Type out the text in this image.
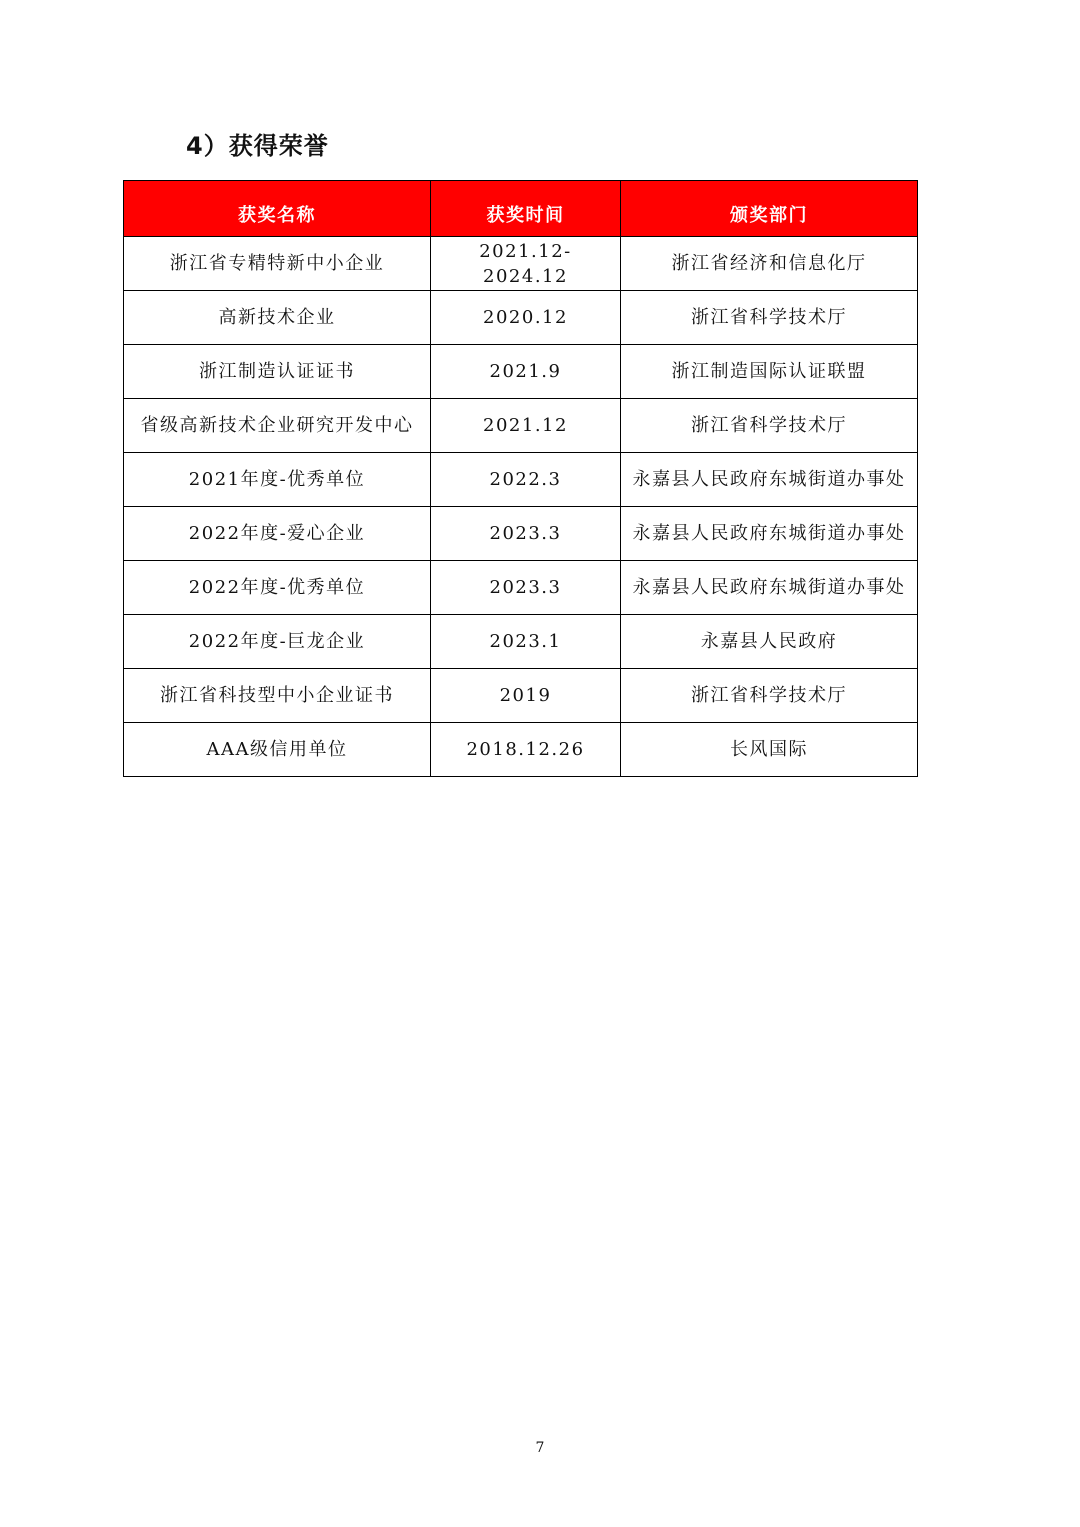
4）获得荣誉
获奖名称	获奖时间	颁奖部门
浙江省专精特新中小企业	2021.12-2024.12	浙江省经济和信息化厅
高新技术企业	2020.12	浙江省科学技术厅
浙江制造认证证书	2021.9	浙江制造国际认证联盟
省级高新技术企业研究开发中心	2021.12	浙江省科学技术厅
2021年度-优秀单位	2022.3	永嘉县人民政府东城街道办事处
2022年度-爱心企业	2023.3	永嘉县人民政府东城街道办事处
2022年度-优秀单位	2023.3	永嘉县人民政府东城街道办事处
2022年度-巨龙企业	2023.1	永嘉县人民政府
浙江省科技型中小企业证书	2019	浙江省科学技术厅
AAA级信用单位	2018.12.26	长风国际
7
